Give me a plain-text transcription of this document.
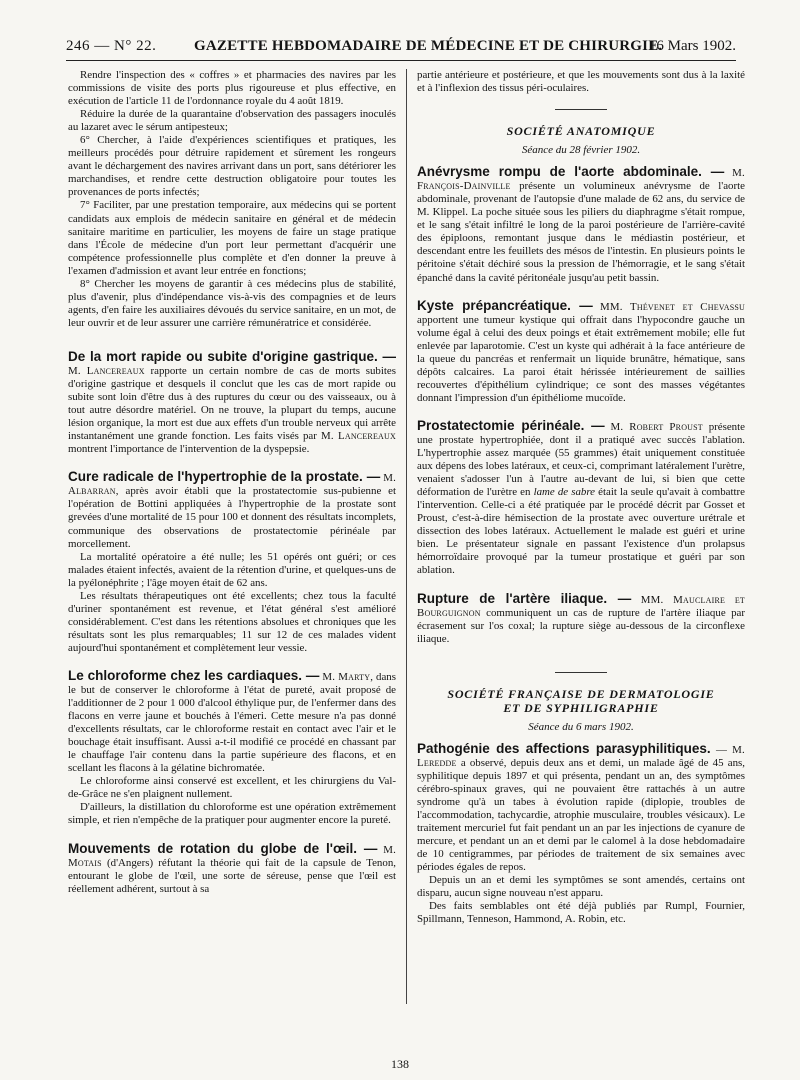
246 — N° 22.	GAZETTE HEBDOMADAIRE DE MÉDECINE ET DE CHIRURGIE.
16 Mars 1902.

Rendre l'inspection des « coffres » et pharmacies des navires par les commissions de visite des ports plus rigoureuse et plus effective, en exécution de l'article 11 de l'ordonnance royale du 4 août 1819.

Réduire la durée de la quarantaine d'observation des passagers inoculés au lazaret avec le sérum antipesteux;

6° Chercher, à l'aide d'expériences scientifiques et pratiques, les meilleurs procédés pour détruire rapidement et sûrement les rongeurs avant le déchargement des navires arrivant dans un port, sans détériorer les marchandises, et rendre cette destruction obligatoire pour toutes les provenances de ports infectés;

7° Faciliter, par une prestation temporaire, aux médecins qui se portent candidats aux emplois de médecin sanitaire en général et de médecin sanitaire maritime en particulier, les moyens de faire un stage pratique dans l'École de médecine d'un port leur permettant d'acquérir une compétence professionnelle plus complète et d'en donner la preuve à l'examen d'admission et avant leur entrée en fonctions;

8° Chercher les moyens de garantir à ces médecins plus de stabilité, plus d'avenir, plus d'indépendance vis-à-vis des compagnies et de leurs agents, d'en faire les auxiliaires dévoués du service sanitaire, en un mot, de leur ouvrir et de leur assurer une carrière rémunératrice et considérée.

De la mort rapide ou subite d'origine gastrique. — M. Lancereaux rapporte un certain nombre de cas de morts subites d'origine gastrique et desquels il conclut que les cas de mort rapide ou subite sont loin d'être dus à des ruptures du cœur ou des vaisseaux, ou à tout autre désordre matériel. On ne trouve, la plupart du temps, aucune lésion organique, la mort est due aux effets d'un trouble nerveux qui arrête instantanément une grande fonction. Les faits visés par M. Lancereaux montrent l'importance de l'intervention de la dyspepsie.

Cure radicale de l'hypertrophie de la prostate. — M. Albarran, après avoir établi que la prostatectomie sus-pubienne et l'opération de Bottini appliquées à l'hypertrophie de la prostate sont grevées d'une mortalité de 15 pour 100 et donnent des résultats incomplets, communique des observations de prostatectomie périnéale par morcellement.

La mortalité opératoire a été nulle; les 51 opérés ont guéri; or ces malades étaient infectés, avaient de la rétention d'urine, et quelques-uns de la pyélonéphrite ; l'âge moyen était de 62 ans.

Les résultats thérapeutiques ont été excellents; chez tous la faculté d'uriner spontanément est revenue, et l'état général s'est amélioré considérablement. C'est dans les rétentions absolues et chroniques que les résultats sont les plus remarquables; 11 sur 12 de ces malades vident aujourd'hui spontanément et complètement leur vessie.

Le chloroforme chez les cardiaques. — M. Marty, dans le but de conserver le chloroforme à l'état de pureté, avait proposé de l'additionner de 2 pour 1 000 d'alcool éthylique pur, de l'enfermer dans des flacons en verre jaune et bouchés à l'émeri. Cette mesure n'a pas donné d'excellents résultats, car le chloroforme restait en contact avec l'air et le bouchage était insuffisant. Aussi a-t-il modifié ce procédé en chassant par le chauffage l'air contenu dans la partie supérieure des flacons, et en scellant les flacons à la gélatine bichromatée.

Le chloroforme ainsi conservé est excellent, et les chirurgiens du Val-de-Grâce ne s'en plaignent nullement.

D'ailleurs, la distillation du chloroforme est une opération extrêmement simple, et rien n'empêche de la pratiquer pour augmenter encore la pureté.

Mouvements de rotation du globe de l'œil. — M. Motais (d'Angers) réfutant la théorie qui fait de la capsule de Tenon, entourant le globe de l'œil, une sorte de séreuse, pense que l'œil est réellement adhérent, surtout à sa

partie antérieure et postérieure, et que les mouvements sont dus à la laxité et à l'inflexion des tissus péri-oculaires.

SOCIÉTÉ ANATOMIQUE
Séance du 28 février 1902.

Anévrysme rompu de l'aorte abdominale. — M. François-Dainville présente un volumineux anévrysme de l'aorte abdominale, provenant de l'autopsie d'une malade de 62 ans, du service de M. Klippel. La poche située sous les piliers du diaphragme s'était rompue, et le sang s'était infiltré le long de la paroi postérieure de l'arrière-cavité des épiploons, remontant jusque dans le médiastin postérieur, et descendant entre les feuillets des mésos de l'intestin. En plusieurs points le péritoine s'était déchiré sous la pression de l'hémorragie, et le sang s'était épanché dans la cavité péritonéale jusqu'au petit bassin.

Kyste prépancréatique. — MM. Thévenet et Chevassu apportent une tumeur kystique qui offrait dans l'hypocondre gauche un volume égal à celui des deux poings et était extrêmement mobile; elle fut enlevée par laparotomie. C'est un kyste qui adhérait à la face antérieure de la queue du pancréas et renfermait un liquide brunâtre, hématique, sans dépôts calcaires. La paroi était hérissée intérieurement de saillies recouvertes d'épithélium cylindrique; ce sont des masses végétantes donnant l'impression d'un épithéliome mucoïde.

Prostatectomie périnéale. — M. Robert Proust présente une prostate hypertrophiée, dont il a pratiqué avec succès l'ablation. L'hypertrophie assez marquée (55 grammes) était uniquement constituée aux dépens des lobes latéraux, et ceux-ci, comprimant latéralement l'urètre, venaient s'adosser l'un à l'autre au-devant de lui, si bien que cette déformation de l'urètre en lame de sabre était la seule qu'avait à combattre l'intervention. Celle-ci a été pratiquée par le procédé décrit par Gosset et Proust, c'est-à-dire hémisection de la prostate avec ouverture urétrale et dissection des lobes latéraux. Actuellement le malade est guéri et urine bien. Le présentateur signale en passant l'existence d'un prolapsus hémorroïdaire provoqué par la tumeur prostatique et guéri par son ablation.

Rupture de l'artère iliaque. — MM. Mauclaire et Bourguignon communiquent un cas de rupture de l'artère iliaque par écrasement sur l'os coxal; la rupture siège au-dessous de la circonflexe iliaque.

SOCIÉTÉ FRANÇAISE DE DERMATOLOGIE
ET DE SYPHILIGRAPHIE
Séance du 6 mars 1902.

Pathogénie des affections parasyphilitiques. — M. Leredde a observé, depuis deux ans et demi, un malade âgé de 45 ans, syphilitique depuis 1897 et qui présenta, pendant un an, des symptômes cérébro-spinaux graves, qui ne pouvaient être rattachés à un autre syndrome qu'à un tabes à évolution rapide (diplopie, troubles de l'accommodation, tachycardie, atrophie musculaire, troubles vésicaux). Le traitement mercuriel fut fait pendant un an par les injections de cyanure de mercure, et pendant un an et demi par le calomel à la dose hebdomadaire de 10 centigrammes, par périodes de traitement de six semaines avec périodes égales de repos.

Depuis un an et demi les symptômes se sont amendés, certains ont disparu, aucun signe nouveau n'est apparu.

Des faits semblables ont été déjà publiés par Rumpl, Fournier, Spillmann, Tenneson, Hammond, A. Robin, etc.

138
